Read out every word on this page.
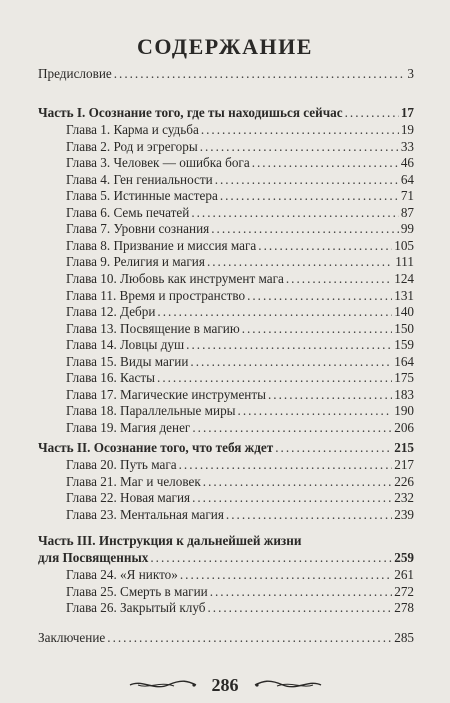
СОДЕРЖАНИЕ
Предисловие .....	3
Часть I. Осознание того, где ты находишься сейчас .....	17
Глава 1. Карма и судьба .....	19
Глава 2. Род и эгрегоры .....	33
Глава 3. Человек — ошибка бога .....	46
Глава 4. Ген гениальности .....	64
Глава 5. Истинные мастера .....	71
Глава 6. Семь печатей .....	87
Глава 7. Уровни сознания .....	99
Глава 8. Призвание и миссия мага .....	105
Глава 9. Религия и магия .....	111
Глава 10. Любовь как инструмент мага .....	124
Глава 11. Время и пространство .....	131
Глава 12. Дебри .....	140
Глава 13. Посвящение в магию .....	150
Глава 14. Ловцы душ .....	159
Глава 15. Виды магии .....	164
Глава 16. Касты .....	175
Глава 17. Магические инструменты .....	183
Глава 18. Параллельные миры .....	190
Глава 19. Магия денег .....	206
Часть II. Осознание того, что тебя ждет .....	215
Глава 20. Путь мага .....	217
Глава 21. Маг и человек .....	226
Глава 22. Новая магия .....	232
Глава 23. Ментальная магия .....	239
Часть III. Инструкция к дальнейшей жизни
для Посвященных .....	259
Глава 24. «Я никто» .....	261
Глава 25. Смерть в магии .....	272
Глава 26. Закрытый клуб .....	278
Заключение .....	285
286
